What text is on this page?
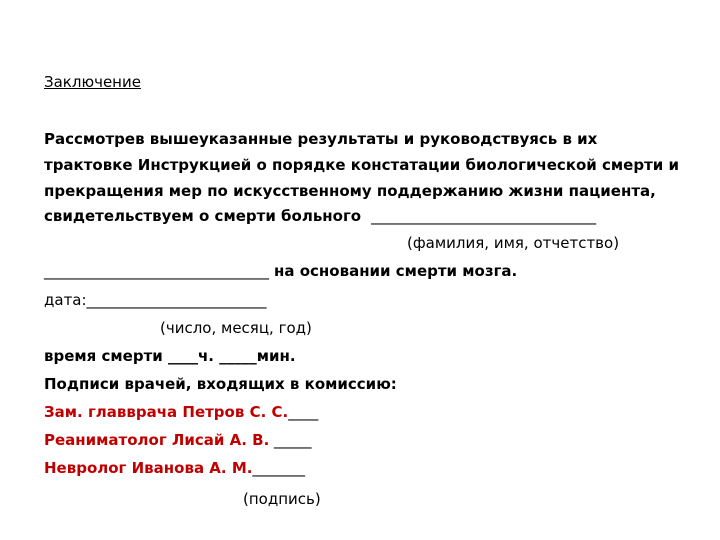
Заключение
Рассмотрев вышеуказанные результаты и руководствуясь в их
трактовке Инструкцией о порядке констатации биологической смерти и
прекращения мер по искусственному поддержанию жизни пациента,
свидетельствуем о смерти больного ______________________________
(фамилия, имя, отчетство)
______________________________ на основании смерти мозга.
дата:________________________
(число, месяц, год)
время смерти ____ч. _____мин.
Подписи врачей, входящих в комиссию:
Зам. главврача Петров С. С.____
Реаниматолог Лисай А. В. _____
Невролог Иванова А. М._______
(подпись)
